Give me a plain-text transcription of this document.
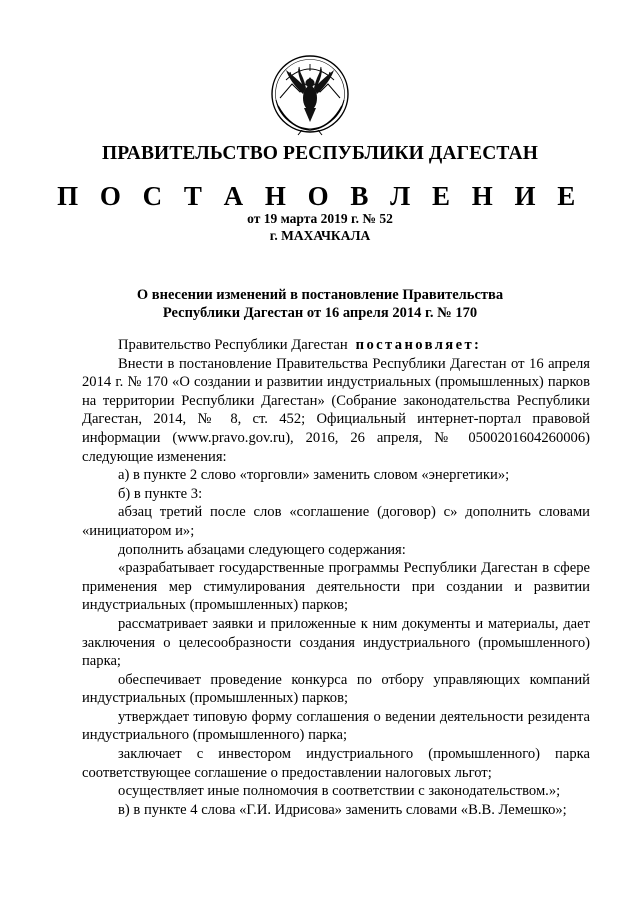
ПРАВИТЕЛЬСТВО РЕСПУБЛИКИ ДАГЕСТАН
П О С Т А Н О В Л Е Н И Е
от 19 марта 2019 г. № 52
г. МАХАЧКАЛА
О внесении изменений в постановление Правительства
Республики Дагестан от 16 апреля 2014 г. № 170

Правительство Республики Дагестан постановляет:

Внести в постановление Правительства Республики Дагестан от 16 апреля 2014 г. № 170 «О создании и развитии индустриальных (промышленных) парков на территории Республики Дагестан» (Собрание законодательства Республики Дагестан, 2014, № 8, ст. 452; Официальный интернет-портал правовой информации (www.pravo.gov.ru), 2016, 26 апреля, № 0500201604260006) следующие изменения:

а) в пункте 2 слово «торговли» заменить словом «энергетики»;

б) в пункте 3:

абзац третий после слов «соглашение (договор) с» дополнить словами «инициатором и»;

дополнить абзацами следующего содержания:

«разрабатывает государственные программы Республики Дагестан в сфере применения мер стимулирования деятельности при создании и развитии индустриальных (промышленных) парков;

рассматривает заявки и приложенные к ним документы и материалы, дает заключения о целесообразности создания индустриального (промышленного) парка;

обеспечивает проведение конкурса по отбору управляющих компаний индустриальных (промышленных) парков;

утверждает типовую форму соглашения о ведении деятельности резидента индустриального (промышленного) парка;

заключает с инвестором индустриального (промышленного) парка соответствующее соглашение о предоставлении налоговых льгот;

осуществляет иные полномочия в соответствии с законодательством.»;

в) в пункте 4 слова «Г.И. Идрисова» заменить словами «В.В. Лемешко»;
